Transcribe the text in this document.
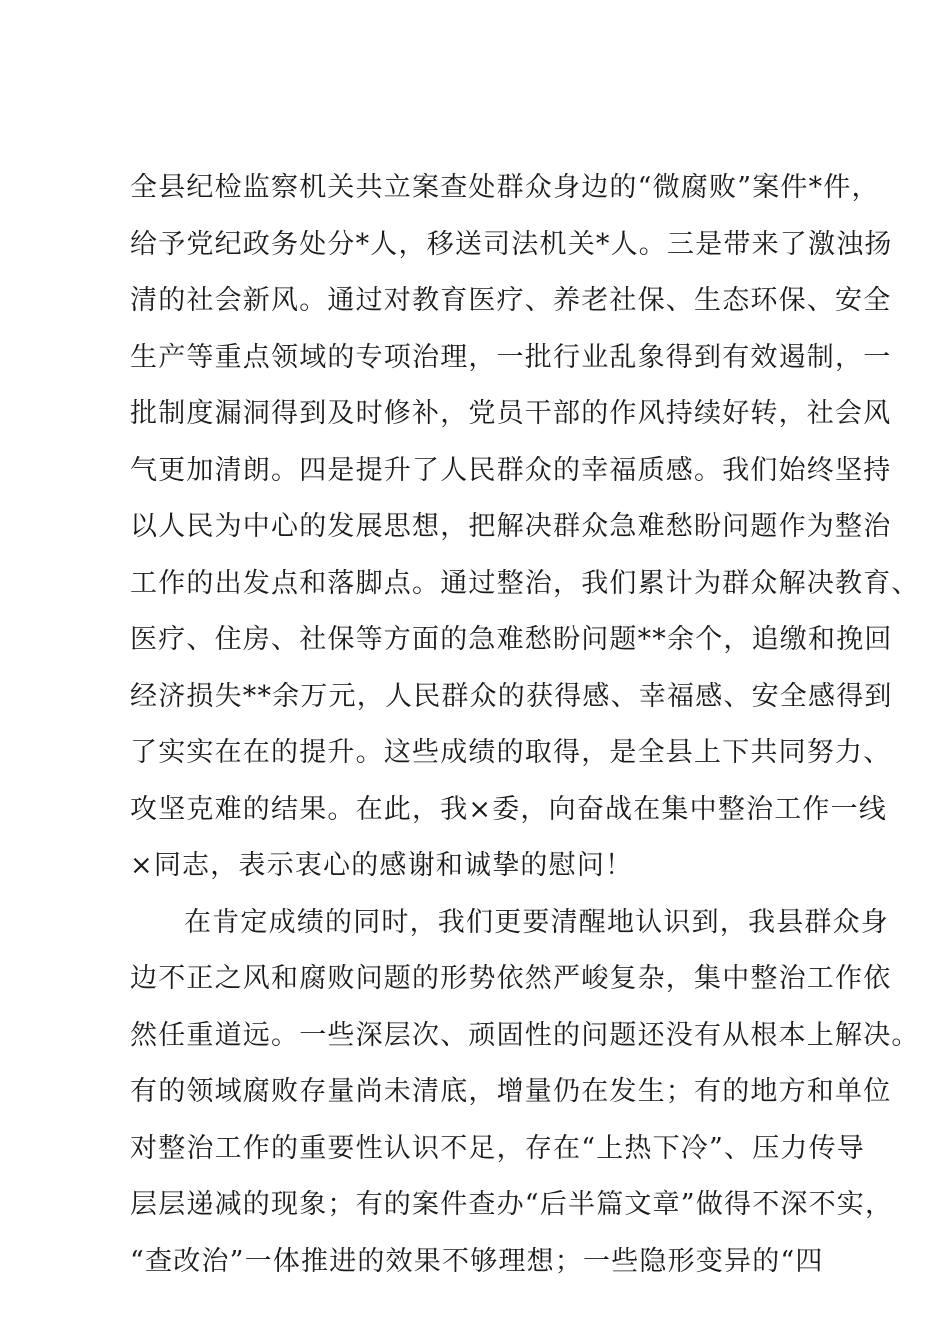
全县纪检监察机关共立案查处群众身边的“微腐败”案件*件，
给予党纪政务处分*人，移送司法机关*人。三是带来了激浊扬
清的社会新风。通过对教育医疗、养老社保、生态环保、安全
生产等重点领域的专项治理，一批行业乱象得到有效遏制，一
批制度漏洞得到及时修补，党员干部的作风持续好转，社会风
气更加清朗。四是提升了人民群众的幸福质感。我们始终坚持
以人民为中心的发展思想，把解决群众急难愁盼问题作为整治
工作的出发点和落脚点。通过整治，我们累计为群众解决教育、
医疗、住房、社保等方面的急难愁盼问题**余个，追缴和挽回
经济损失**余万元，人民群众的获得感、幸福感、安全感得到
了实实在在的提升。这些成绩的取得，是全县上下共同努力、
攻坚克难的结果。在此，我×委，向奋战在集中整治工作一线
×同志，表示衷心的感谢和诚挚的慰问！
在肯定成绩的同时，我们更要清醒地认识到，我县群众身
边不正之风和腐败问题的形势依然严峻复杂，集中整治工作依
然任重道远。一些深层次、顽固性的问题还没有从根本上解决。
有的领域腐败存量尚未清底，增量仍在发生；有的地方和单位
对整治工作的重要性认识不足，存在“上热下冷”、压力传导
层层递减的现象；有的案件查办“后半篇文章”做得不深不实，
“查改治”一体推进的效果不够理想；一些隐形变异的“四
